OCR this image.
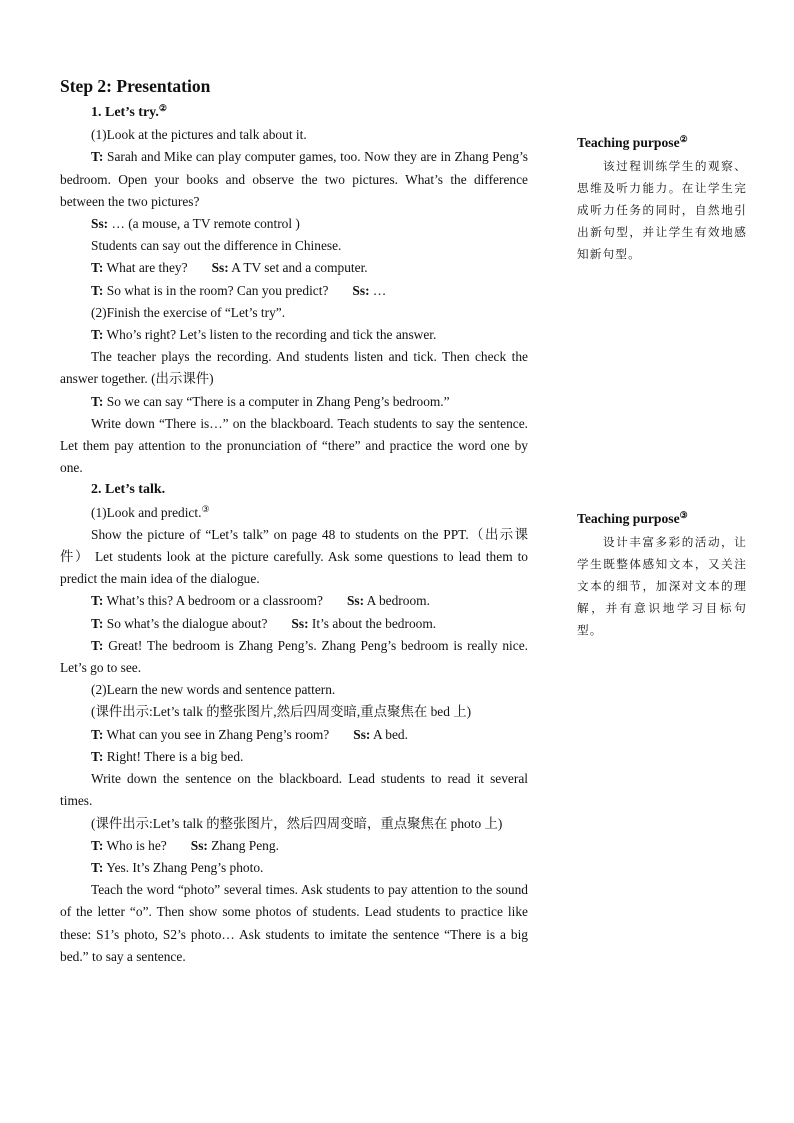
Step 2: Presentation
1. Let’s try.②
(1)Look at the pictures and talk about it.
T: Sarah and Mike can play computer games, too. Now they are in Zhang Peng’s bedroom. Open your books and observe the two pictures. What’s the difference between the two pictures?
Ss: … (a mouse, a TV remote control )
Students can say out the difference in Chinese.
T: What are they? Ss: A TV set and a computer.
T: So what is in the room? Can you predict? Ss: …
(2)Finish the exercise of “Let’s try”.
T: Who’s right? Let’s listen to the recording and tick the answer.
The teacher plays the recording. And students listen and tick. Then check the answer together. (出示课件)
T: So we can say “There is a computer in Zhang Peng’s bedroom.”
Write down “There is…” on the blackboard. Teach students to say the sentence. Let them pay attention to the pronunciation of “there” and practice the word one by one.
2. Let’s talk.
(1)Look and predict.③
Show the picture of “Let’s talk” on page 48 to students on the PPT.（出示课件） Let students look at the picture carefully. Ask some questions to lead them to predict the main idea of the dialogue.
T: What’s this? A bedroom or a classroom? Ss: A bedroom.
T: So what’s the dialogue about? Ss: It’s about the bedroom.
T: Great! The bedroom is Zhang Peng’s. Zhang Peng’s bedroom is really nice. Let’s go to see.
(2)Learn the new words and sentence pattern.
(课件出示:Let’s talk 的整张图片,然后四周变暗,重点聚焦在 bed 上)
T: What can you see in Zhang Peng’s room? Ss: A bed.
T: Right! There is a big bed.
Write down the sentence on the blackboard. Lead students to read it several times.
(课件出示:Let’s talk 的整张图片，然后四周变暗，重点聚焦在 photo 上)
T: Who is he? Ss: Zhang Peng.
T: Yes. It’s Zhang Peng’s photo.
Teach the word “photo” several times. Ask students to pay attention to the sound of the letter “o”. Then show some photos of students. Lead students to practice like these: S1’s photo, S2’s photo… Ask students to imitate the sentence “There is a big bed.” to say a sentence.
Teaching purpose②
该过程训练学生的观察、思维及听力能力。在让学生完成听力任务的同时，自然地引出新句型，并让学生有效地感知新句型。
Teaching purpose③
设计丰富多彩的活动，让学生既整体感知文本，又关注文本的细节，加深对文本的理解，并有意识地学习目标句型。
